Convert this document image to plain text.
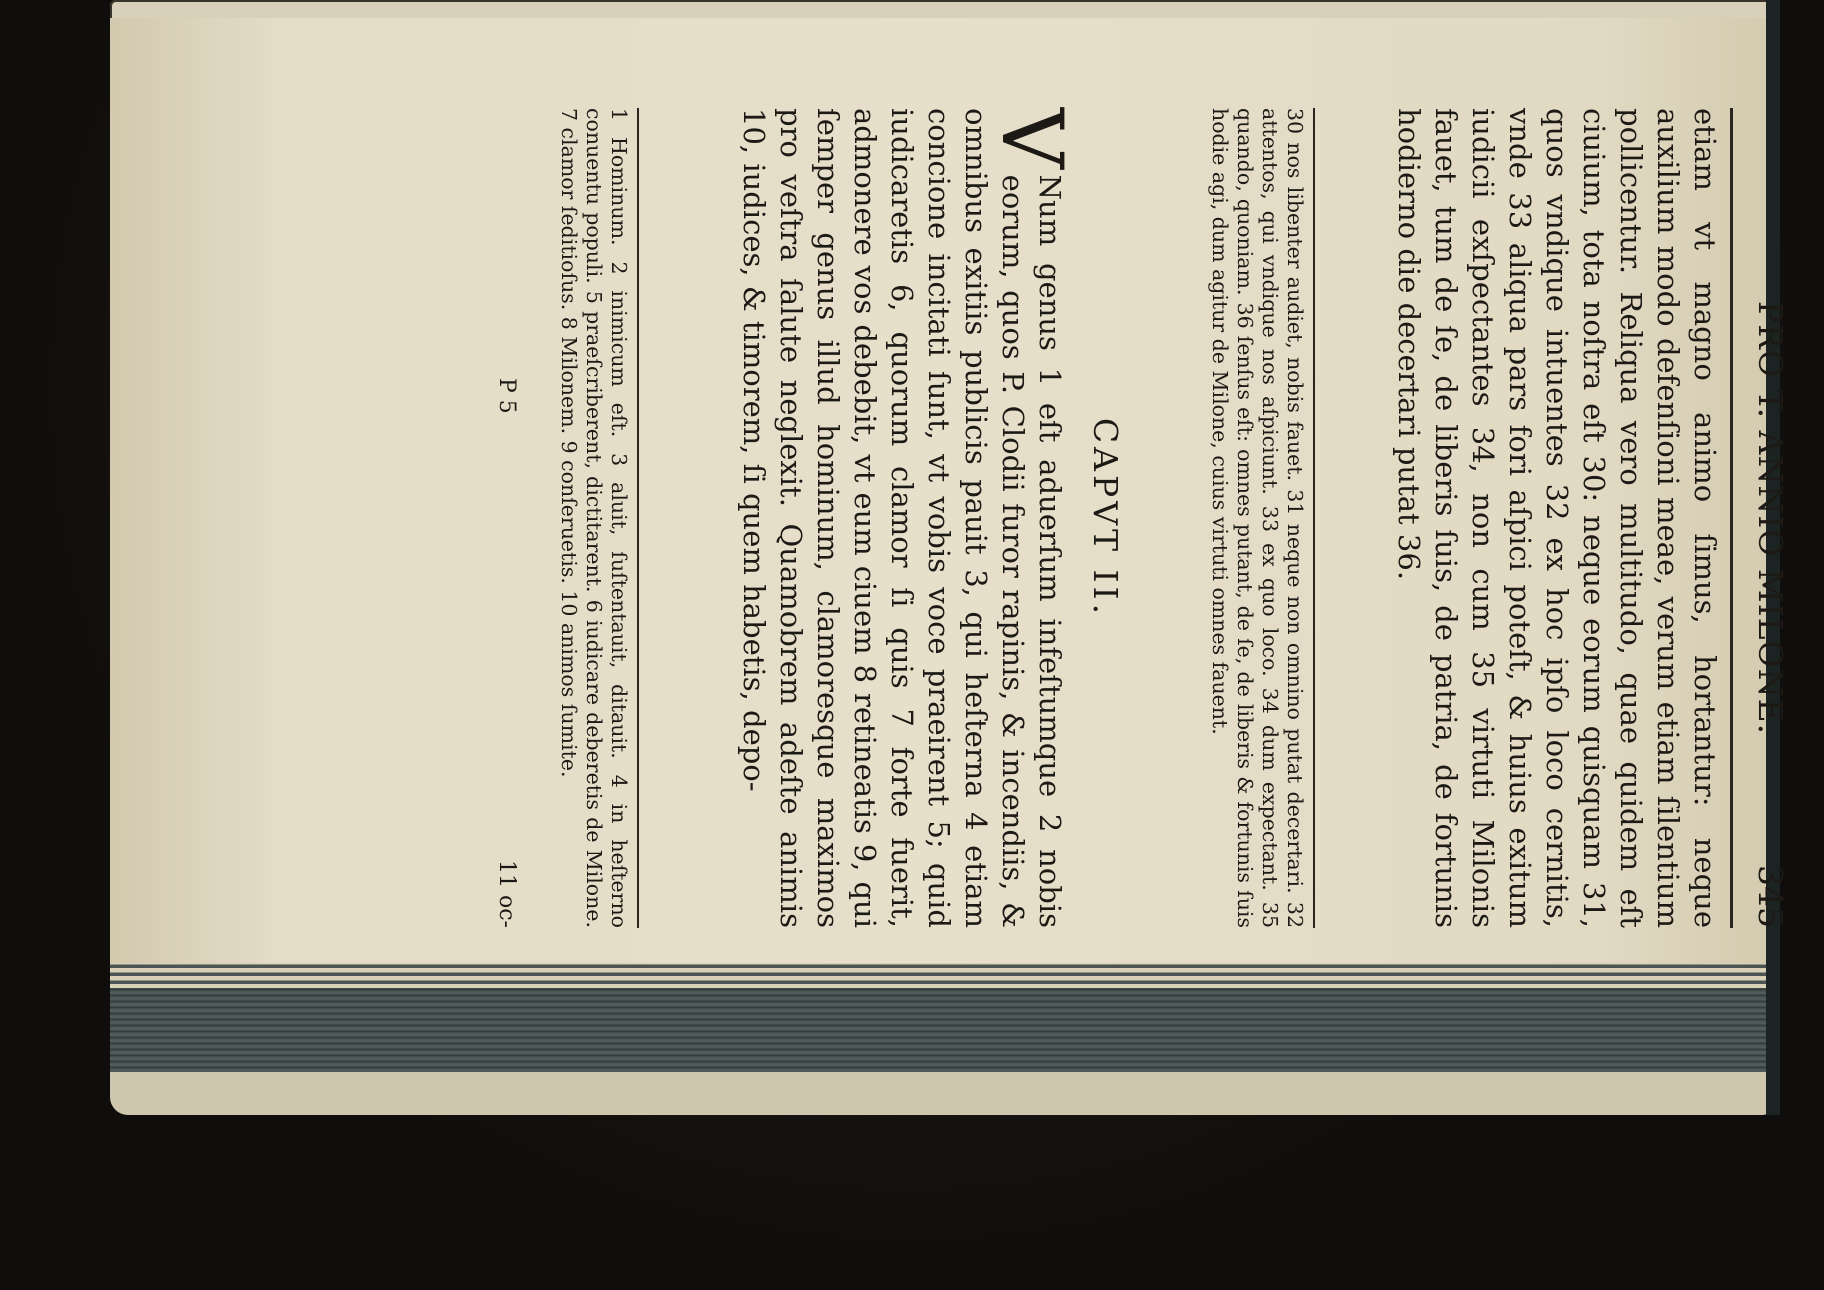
PRO T. ANNIO MILONE.
345
etiam vt magno animo ſimus, hortantur: neque auxilium modo defenſioni meae, verum etiam ſilentium pollicentur. Reliqua vero multitudo, quae quidem eſt ciuium, tota noſtra eſt 30: neque eorum quisquam 31, quos vndique intuentes 32 ex hoc ipſo loco cernitis, vnde 33 aliqua pars fori aſpici poteſt, & huius exitum iudicii exſpectantes 34, non cum 35 virtuti Milonis fauet, tum de ſe, de liberis ſuis, de patria, de fortunis hodierno die decertari putat 36.
30 nos libenter audiet, nobis fauet. 31 neque non omnino putat decertari. 32 attentos, qui vndique nos aſpiciunt. 33 ex quo loco. 34 dum expectant. 35 quando, quoniam. 36 ſenſus eſt: omnes putant, de ſe, de liberis & fortunis ſuis hodie agi, dum agitur de Milone, cuius virtuti omnes fauent.
CAPVT II.
V
Num genus 1 eſt aduerſum infeſtumque 2 nobis eorum, quos P. Clodii furor rapinis, & incendiis, & omnibus exitiis publicis pauit 3, qui heſterna 4 etiam concione incitati ſunt, vt vobis voce praeirent 5; quid iudicaretis 6, quorum clamor ſi quis 7 forte fuerit, admonere vos debebit, vt eum ciuem 8 retineatis 9, qui ſemper genus illud hominum, clamoresque maximos pro veſtra ſalute neglexit. Quamobrem adeſte animis 10, iudices, & timorem, ſi quem habetis, depo-
1 Hominum. 2 inimicum eſt. 3 aluit, ſuſtentauit, ditauit. 4 in heſterno conuentu populi. 5 praeſcriberent, dictitarent. 6 iudicare deberetis de Milone. 7 clamor ſeditioſus. 8 Milonem. 9 conſeruetis. 10 animos ſumite.
P 5
11 oc-
